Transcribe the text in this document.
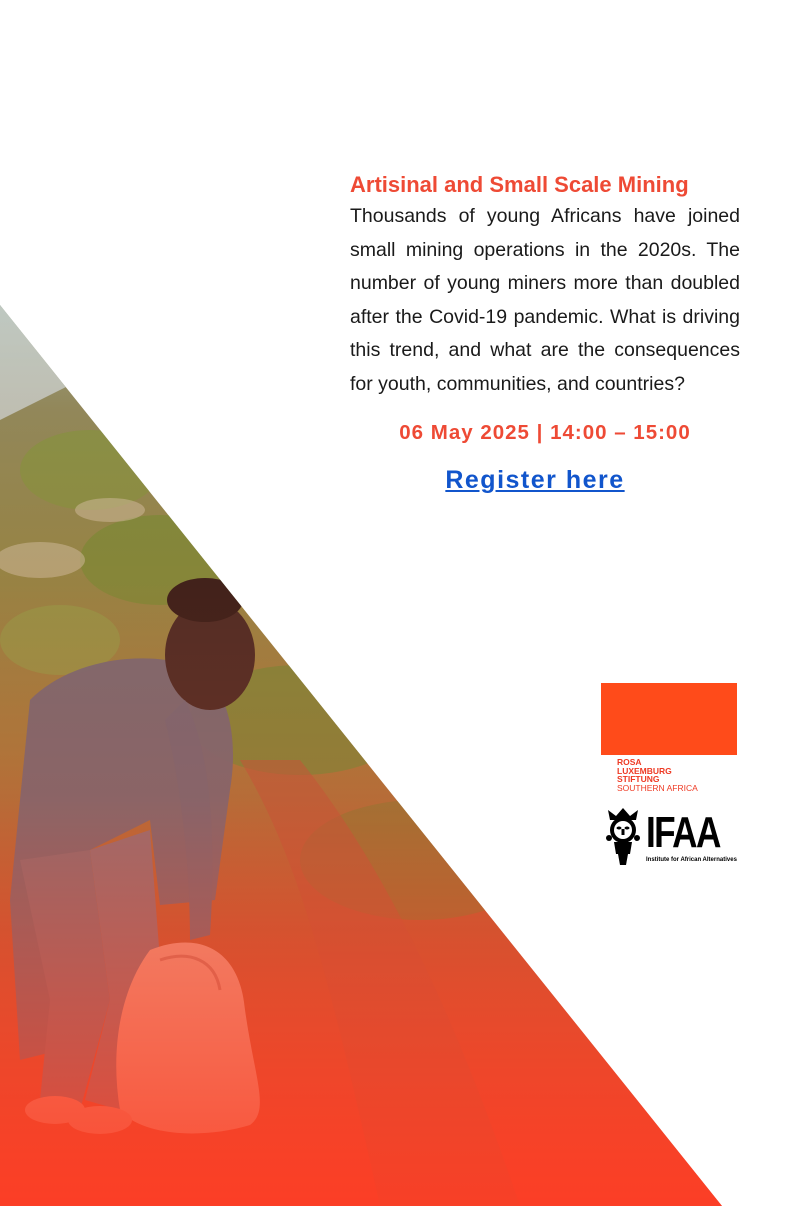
Artisinal and Small Scale Mining

Thousands of young Africans have joined small mining operations in the 2020s. The number of young miners more than doubled after the Covid-19 pandemic. What is driving this trend, and what are the consequences for youth, communities, and countries?

06 May 2025 | 14:00 – 15:00
Register here
ROSA
LUXEMBURG
STIFTUNG
SOUTHERN AFRICA
IFAA
Institute for African Alternatives
